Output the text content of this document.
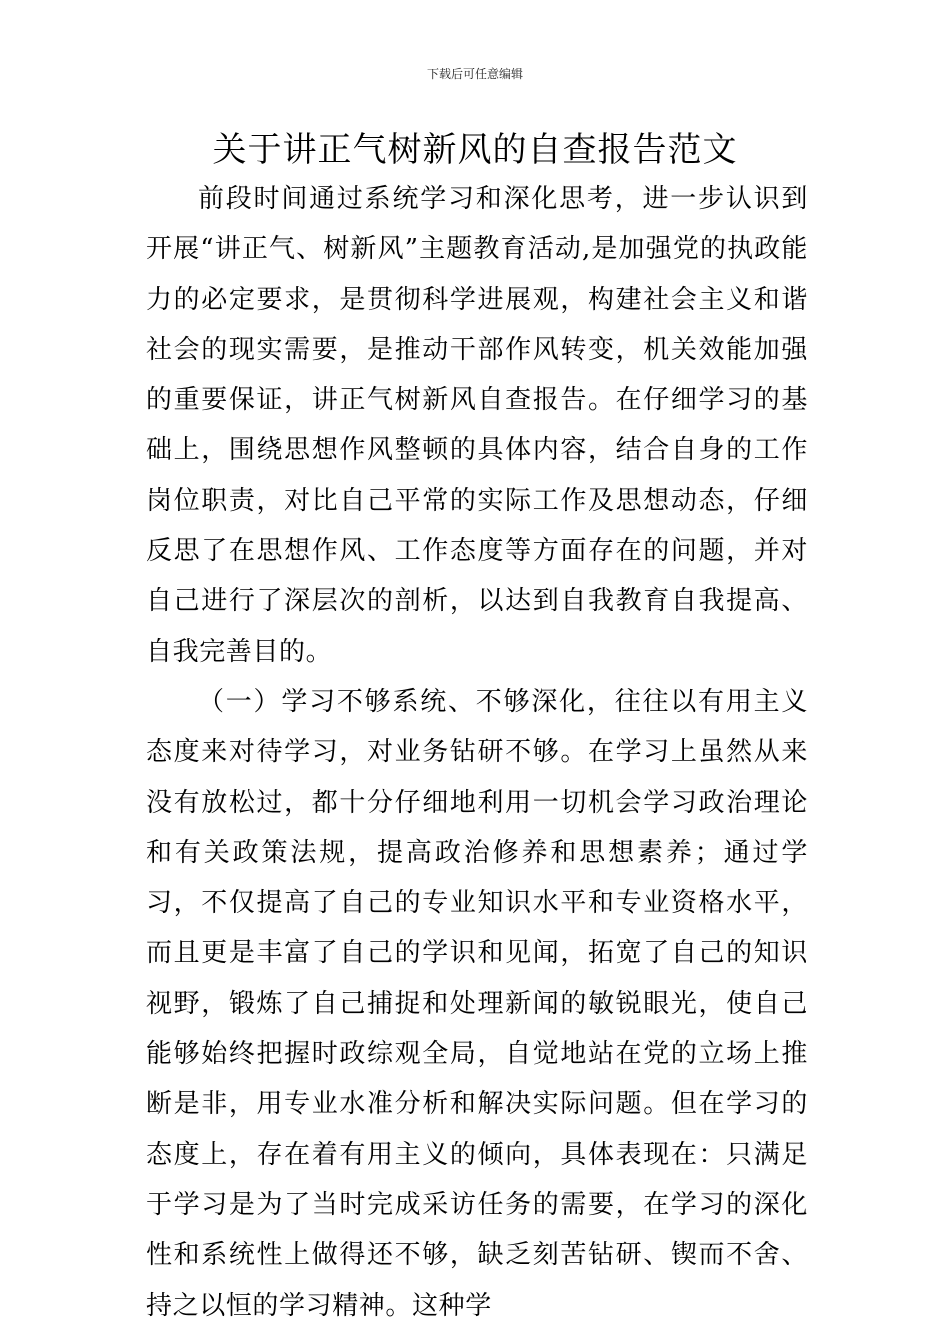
下载后可任意编辑
关于讲正气树新风的自查报告范文

前段时间通过系统学习和深化思考，进一步认识到开展“讲正气、树新风”主题教育活动,是加强党的执政能力的必定要求，是贯彻科学进展观，构建社会主义和谐社会的现实需要，是推动干部作风转变，机关效能加强的重要保证，讲正气树新风自查报告。在仔细学习的基础上，围绕思想作风整顿的具体内容，结合自身的工作岗位职责，对比自己平常的实际工作及思想动态，仔细反思了在思想作风、工作态度等方面存在的问题，并对自己进行了深层次的剖析，以达到自我教育自我提高、自我完善目的。

（一）学习不够系统、不够深化，往往以有用主义态度来对待学习，对业务钻研不够。在学习上虽然从来没有放松过，都十分仔细地利用一切机会学习政治理论和有关政策法规，提高政治修养和思想素养；通过学习，不仅提高了自己的专业知识水平和专业资格水平，而且更是丰富了自己的学识和见闻，拓宽了自己的知识视野，锻炼了自己捕捉和处理新闻的敏锐眼光，使自己能够始终把握时政综观全局，自觉地站在党的立场上推断是非，用专业水准分析和解决实际问题。但在学习的态度上，存在着有用主义的倾向，具体表现在：只满足于学习是为了当时完成采访任务的需要，在学习的深化性和系统性上做得还不够，缺乏刻苦钻研、锲而不舍、持之以恒的学习精神。这种学
